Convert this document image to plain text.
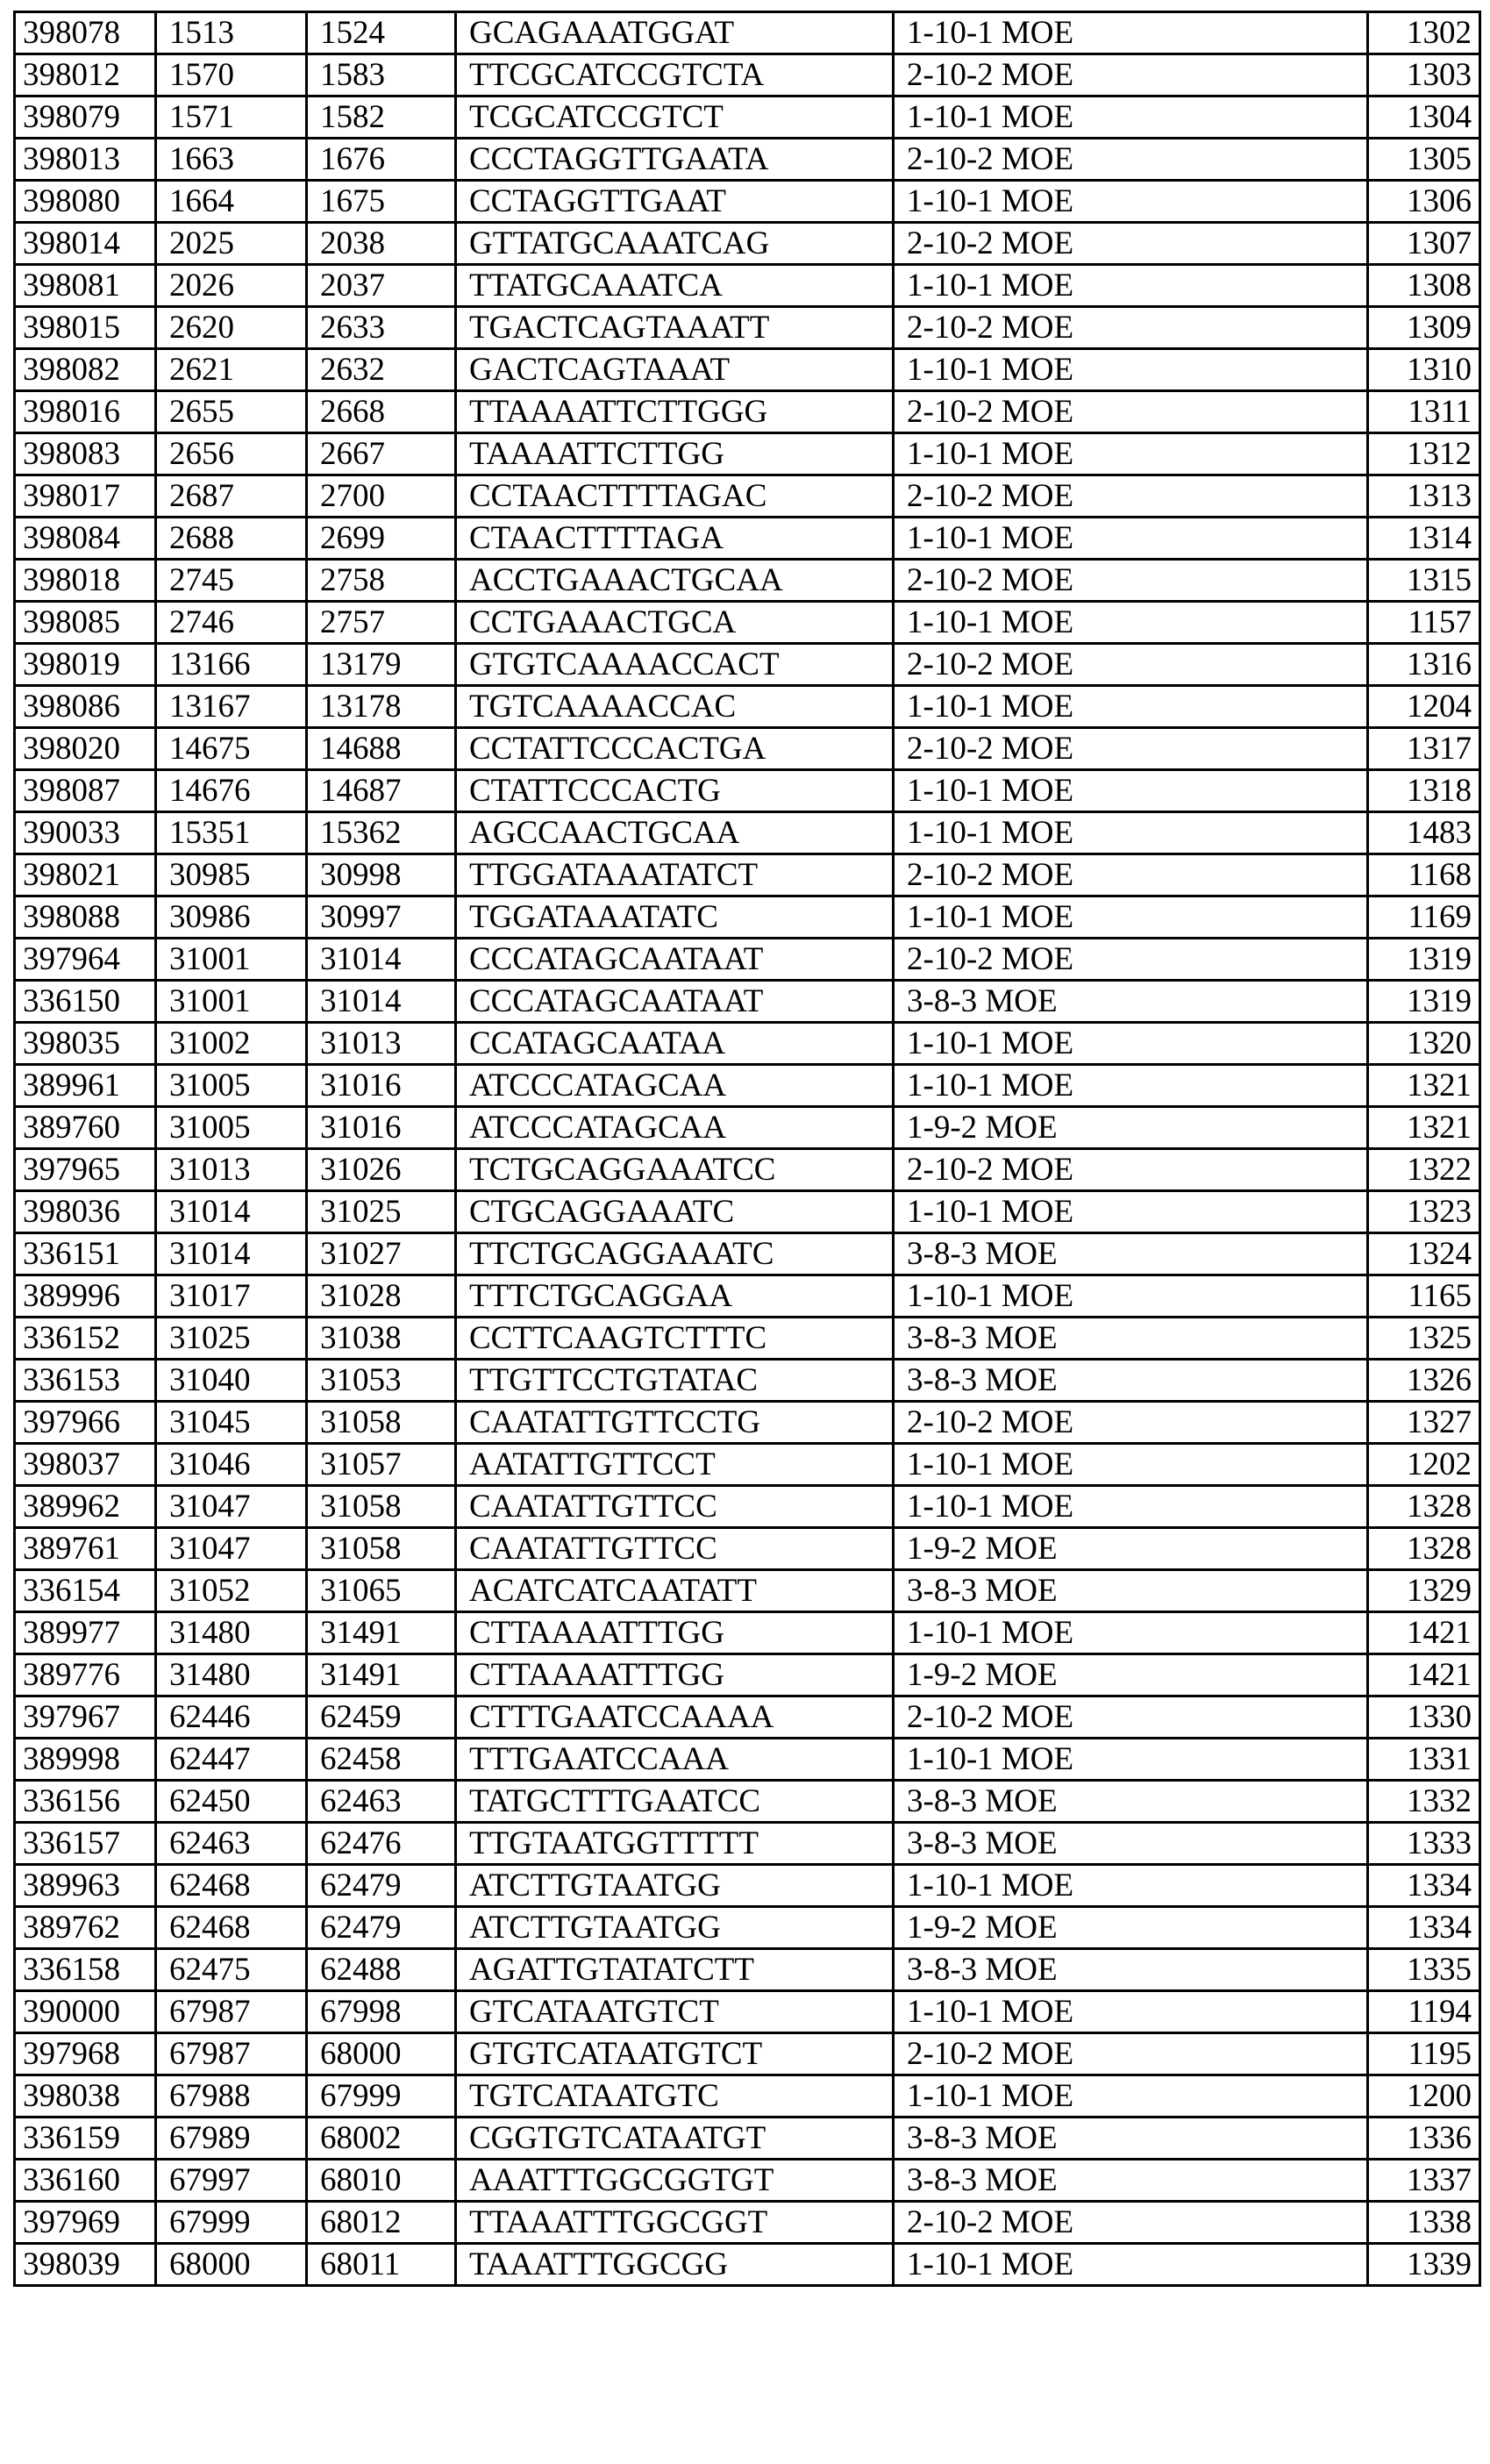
398078	1513	1524	GCAGAAATGGAT	1-10-1 MOE	1302
398012	1570	1583	TTCGCATCCGTCTA	2-10-2 MOE	1303
398079	1571	1582	TCGCATCCGTCT	1-10-1 MOE	1304
398013	1663	1676	CCCTAGGTTGAATA	2-10-2 MOE	1305
398080	1664	1675	CCTAGGTTGAAT	1-10-1 MOE	1306
398014	2025	2038	GTTATGCAAATCAG	2-10-2 MOE	1307
398081	2026	2037	TTATGCAAATCA	1-10-1 MOE	1308
398015	2620	2633	TGACTCAGTAAATT	2-10-2 MOE	1309
398082	2621	2632	GACTCAGTAAAT	1-10-1 MOE	1310
398016	2655	2668	TTAAAATTCTTGGG	2-10-2 MOE	1311
398083	2656	2667	TAAAATTCTTGG	1-10-1 MOE	1312
398017	2687	2700	CCTAACTTTTAGAC	2-10-2 MOE	1313
398084	2688	2699	CTAACTTTTAGA	1-10-1 MOE	1314
398018	2745	2758	ACCTGAAACTGCAA	2-10-2 MOE	1315
398085	2746	2757	CCTGAAACTGCA	1-10-1 MOE	1157
398019	13166	13179	GTGTCAAAACCACT	2-10-2 MOE	1316
398086	13167	13178	TGTCAAAACCAC	1-10-1 MOE	1204
398020	14675	14688	CCTATTCCCACTGA	2-10-2 MOE	1317
398087	14676	14687	CTATTCCCACTG	1-10-1 MOE	1318
390033	15351	15362	AGCCAACTGCAA	1-10-1 MOE	1483
398021	30985	30998	TTGGATAAATATCT	2-10-2 MOE	1168
398088	30986	30997	TGGATAAATATC	1-10-1 MOE	1169
397964	31001	31014	CCCATAGCAATAAT	2-10-2 MOE	1319
336150	31001	31014	CCCATAGCAATAAT	3-8-3 MOE	1319
398035	31002	31013	CCATAGCAATAA	1-10-1 MOE	1320
389961	31005	31016	ATCCCATAGCAA	1-10-1 MOE	1321
389760	31005	31016	ATCCCATAGCAA	1-9-2 MOE	1321
397965	31013	31026	TCTGCAGGAAATCC	2-10-2 MOE	1322
398036	31014	31025	CTGCAGGAAATC	1-10-1 MOE	1323
336151	31014	31027	TTCTGCAGGAAATC	3-8-3 MOE	1324
389996	31017	31028	TTTCTGCAGGAA	1-10-1 MOE	1165
336152	31025	31038	CCTTCAAGTCTTTC	3-8-3 MOE	1325
336153	31040	31053	TTGTTCCTGTATAC	3-8-3 MOE	1326
397966	31045	31058	CAATATTGTTCCTG	2-10-2 MOE	1327
398037	31046	31057	AATATTGTTCCT	1-10-1 MOE	1202
389962	31047	31058	CAATATTGTTCC	1-10-1 MOE	1328
389761	31047	31058	CAATATTGTTCC	1-9-2 MOE	1328
336154	31052	31065	ACATCATCAATATT	3-8-3 MOE	1329
389977	31480	31491	CTTAAAATTTGG	1-10-1 MOE	1421
389776	31480	31491	CTTAAAATTTGG	1-9-2 MOE	1421
397967	62446	62459	CTTTGAATCCAAAA	2-10-2 MOE	1330
389998	62447	62458	TTTGAATCCAAA	1-10-1 MOE	1331
336156	62450	62463	TATGCTTTGAATCC	3-8-3 MOE	1332
336157	62463	62476	TTGTAATGGTTTTT	3-8-3 MOE	1333
389963	62468	62479	ATCTTGTAATGG	1-10-1 MOE	1334
389762	62468	62479	ATCTTGTAATGG	1-9-2 MOE	1334
336158	62475	62488	AGATTGTATATCTT	3-8-3 MOE	1335
390000	67987	67998	GTCATAATGTCT	1-10-1 MOE	1194
397968	67987	68000	GTGTCATAATGTCT	2-10-2 MOE	1195
398038	67988	67999	TGTCATAATGTC	1-10-1 MOE	1200
336159	67989	68002	CGGTGTCATAATGT	3-8-3 MOE	1336
336160	67997	68010	AAATTTGGCGGTGT	3-8-3 MOE	1337
397969	67999	68012	TTAAATTTGGCGGT	2-10-2 MOE	1338
398039	68000	68011	TAAATTTGGCGG	1-10-1 MOE	1339
